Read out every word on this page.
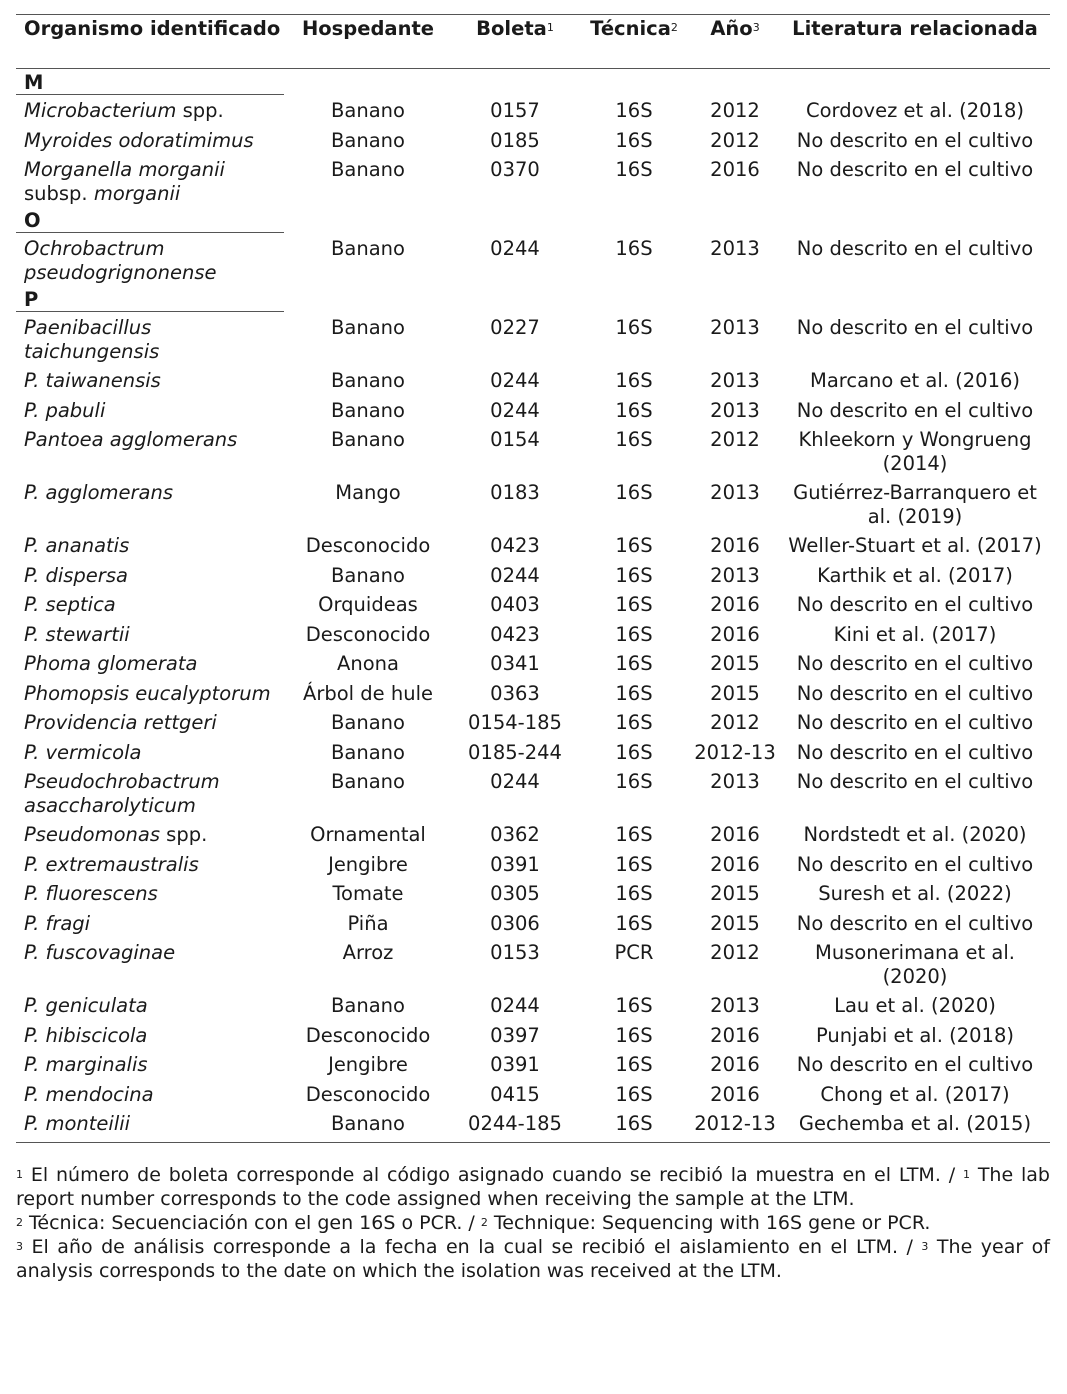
Organismo identificado	Hospedante	Boleta$^1$	Técnica$^2$	Año$^3$	Literatura relacionada
M					
Microbacterium spp.	Banano	0157	16S	2012	Cordovez et al. (2018)
Myroides odoratimimus	Banano	0185	16S	2012	No descrito en el cultivo
Morganella morganii subsp. morganii	Banano	0370	16S	2016	No descrito en el cultivo
O					
Ochrobactrum pseudogrignonense	Banano	0244	16S	2013	No descrito en el cultivo
P					
Paenibacillus taichungensis	Banano	0227	16S	2013	No descrito en el cultivo
P. taiwanensis	Banano	0244	16S	2013	Marcano et al. (2016)
P. pabuli	Banano	0244	16S	2013	No descrito en el cultivo
Pantoea agglomerans	Banano	0154	16S	2012	Khleekorn y Wongrueng (2014)
P. agglomerans	Mango	0183	16S	2013	Gutiérrez-Barranquero et al. (2019)
P. ananatis	Desconocido	0423	16S	2016	Weller-Stuart et al. (2017)
P. dispersa	Banano	0244	16S	2013	Karthik et al. (2017)
P. septica	Orquideas	0403	16S	2016	No descrito en el cultivo
P. stewartii	Desconocido	0423	16S	2016	Kini et al. (2017)
Phoma glomerata	Anona	0341	16S	2015	No descrito en el cultivo
Phomopsis eucalyptorum	Árbol de hule	0363	16S	2015	No descrito en el cultivo
Providencia rettgeri	Banano	0154-185	16S	2012	No descrito en el cultivo
P. vermicola	Banano	0185-244	16S	2012-13	No descrito en el cultivo
Pseudochrobactrum asaccharolyticum	Banano	0244	16S	2013	No descrito en el cultivo
Pseudomonas spp.	Ornamental	0362	16S	2016	Nordstedt et al. (2020)
P. extremaustralis	Jengibre	0391	16S	2016	No descrito en el cultivo
P. fluorescens	Tomate	0305	16S	2015	Suresh et al. (2022)
P. fragi	Piña	0306	16S	2015	No descrito en el cultivo
P. fuscovaginae	Arroz	0153	PCR	2012	Musonerimana et al. (2020)
P. geniculata	Banano	0244	16S	2013	Lau et al. (2020)
P. hibiscicola	Desconocido	0397	16S	2016	Punjabi et al. (2018)
P. marginalis	Jengibre	0391	16S	2016	No descrito en el cultivo
P. mendocina	Desconocido	0415	16S	2016	Chong et al. (2017)
P. monteilii	Banano	0244-185	16S	2012-13	Gechemba et al. (2015)

$^1$ El número de boleta corresponde al código asignado cuando se recibió la muestra en el LTM. / $^1$ The lab report number corresponds to the code assigned when receiving the sample at the LTM.

$^2$ Técnica: Secuenciación con el gen 16S o PCR. / $^2$ Technique: Sequencing with 16S gene or PCR.

$^3$ El año de análisis corresponde a la fecha en la cual se recibió el aislamiento en el LTM. / $^3$ The year of analysis corresponds to the date on which the isolation was received at the LTM.
